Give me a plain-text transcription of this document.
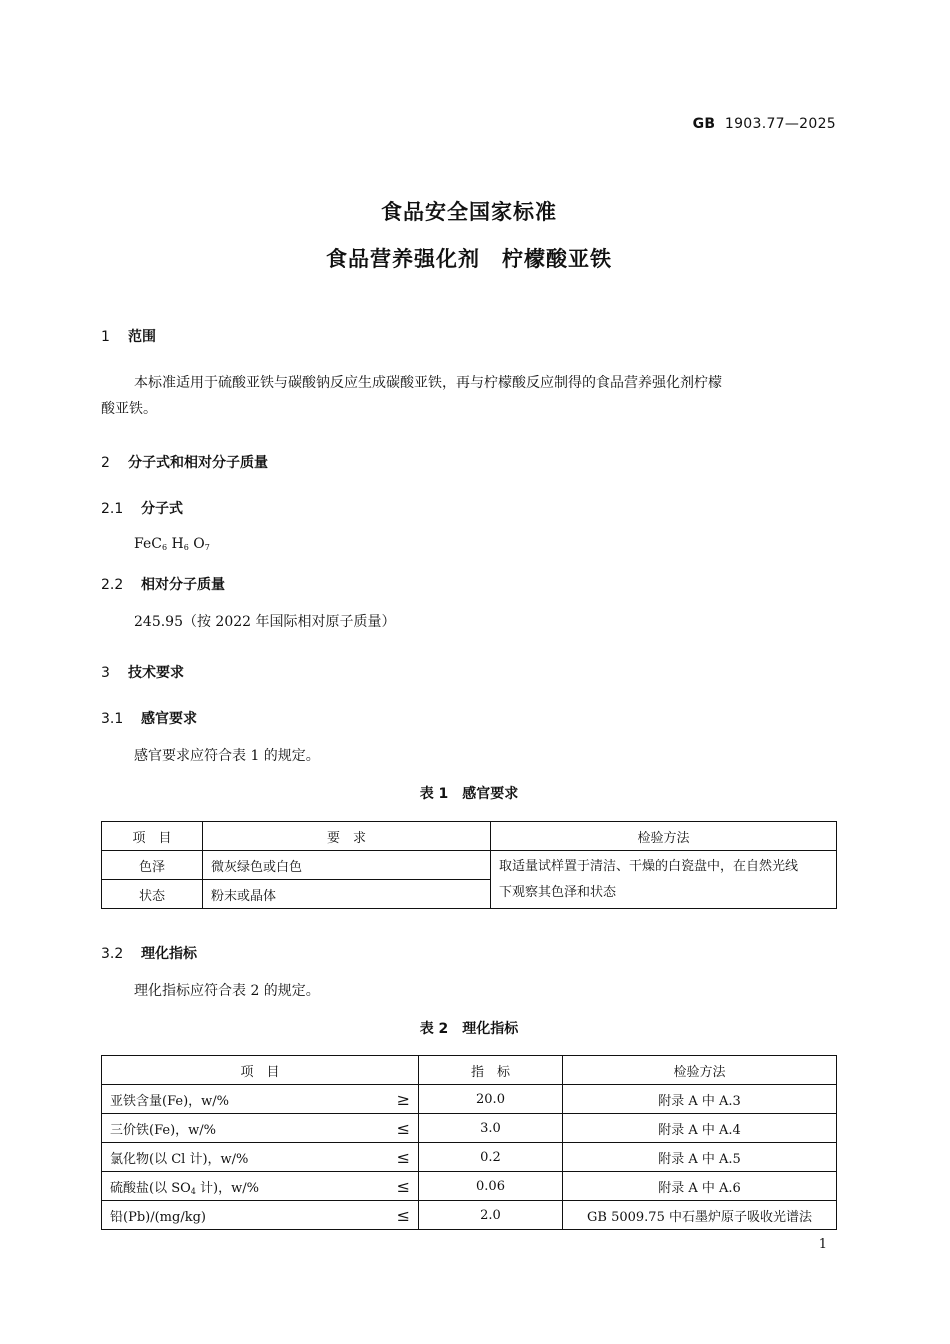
GB 1903.77—2025
食品安全国家标准
食品营养强化剂　柠檬酸亚铁
1 范围
本标准适用于硫酸亚铁与碳酸钠反应生成碳酸亚铁，再与柠檬酸反应制得的食品营养强化剂柠檬
酸亚铁。
2 分子式和相对分子质量
2.1 分子式
FeC$_6$ $H_6$ $O_7$
2.2 相对分子质量
245.95（按 2022 年国际相对原子质量）
3 技术要求
3.1 感官要求
感官要求应符合表 1 的规定。
表 1　感官要求
项　目	要　求	检验方法
色泽	微灰绿色或白色	取适量试样置于清洁、干燥的白瓷盘中，在自然光线
下观察其色泽和状态

状态	粉末或晶体	
3.2 理化指标
理化指标应符合表 2 的规定。
表 2　理化指标
项　目	指　标	检验方法
亚铁含量(Fe)，w/% ≥	20.0	附录 A 中 A.3
三价铁(Fe)，w/% ≤	3.0	附录 A 中 A.4
氯化物(以 Cl 计)，w/% ≤	0.2	附录 A 中 A.5
硫酸盐(以 $SO_4$ 计)，w/% ≤	0.06	附录 A 中 A.6
铅(Pb)/(mg/kg) ≤	2.0	GB 5009.75 中石墨炉原子吸收光谱法
1
